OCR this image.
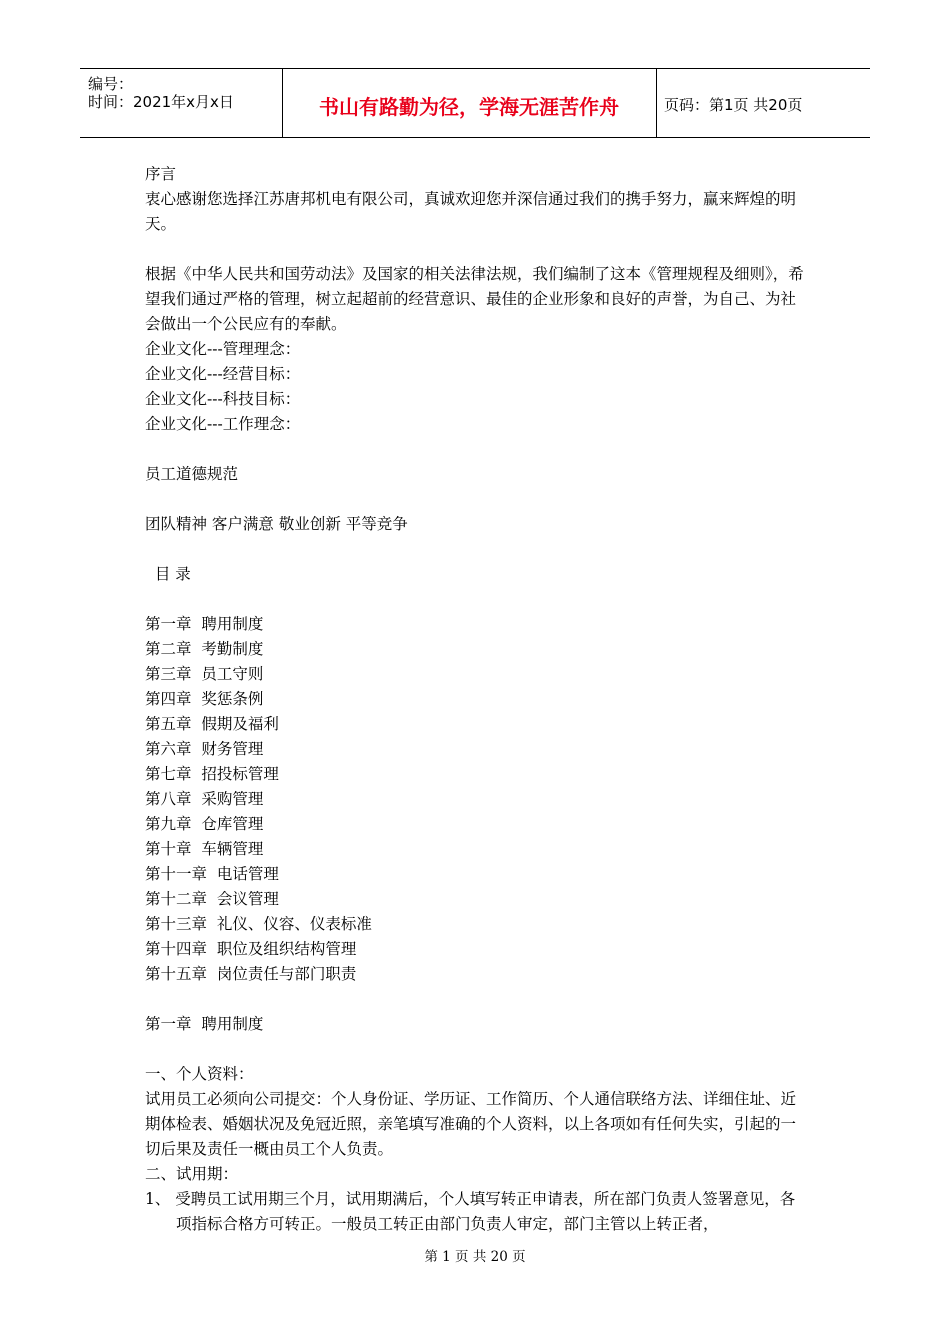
编号：
时间：2021年x月x日	书山有路勤为径，学海无涯苦作舟	页码：第1页 共20页

序言

衷心感谢您选择江苏唐邦机电有限公司，真诚欢迎您并深信通过我们的携手努力，赢来辉煌的明天。

根据《中华人民共和国劳动法》及国家的相关法律法规，我们编制了这本《管理规程及细则》，希望我们通过严格的管理，树立起超前的经营意识、最佳的企业形象和良好的声誉，为自己、为社会做出一个公民应有的奉献。

企业文化---管理理念：

企业文化---经营目标：

企业文化---科技目标：

企业文化---工作理念：

员工道德规范

团队精神 客户满意 敬业创新 平等竞争

目 录

第一章  聘用制度

第二章  考勤制度

第三章  员工守则

第四章  奖惩条例

第五章  假期及福利

第六章  财务管理

第七章  招投标管理

第八章  采购管理

第九章  仓库管理

第十章  车辆管理

第十一章  电话管理

第十二章  会议管理

第十三章  礼仪、仪容、仪表标准

第十四章  职位及组织结构管理

第十五章  岗位责任与部门职责

第一章  聘用制度

一、个人资料：

试用员工必须向公司提交：个人身份证、学历证、工作简历、个人通信联络方法、详细住址、近期体检表、婚姻状况及免冠近照，亲笔填写准确的个人资料，以上各项如有任何失实，引起的一切后果及责任一概由员工个人负责。

二、试用期：

1、 受聘员工试用期三个月，试用期满后，个人填写转正申请表，所在部门负责人签署意见，各项指标合格方可转正。一般员工转正由部门负责人审定，部门主管以上转正者，

第 1 页 共 20 页
